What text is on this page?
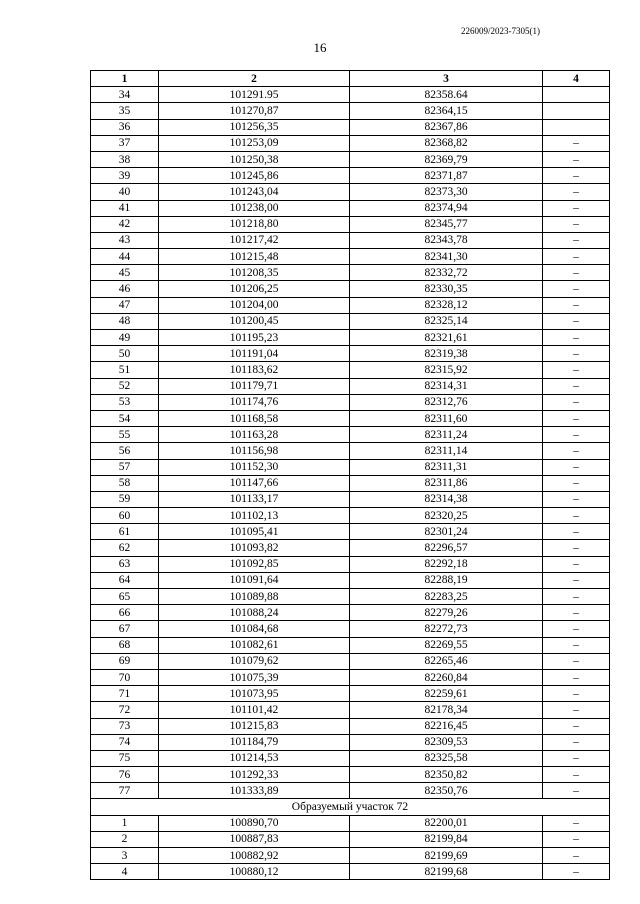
226009/2023-7305(1)
16
1	2	3	4
34	101291.95	82358.64	
35	101270,87	82364,15	
36	101256,35	82367,86	
37	101253,09	82368,82	–
38	101250,38	82369,79	–
39	101245,86	82371,87	–
40	101243,04	82373,30	–
41	101238,00	82374,94	–
42	101218,80	82345,77	–
43	101217,42	82343,78	–
44	101215,48	82341,30	–
45	101208,35	82332,72	–
46	101206,25	82330,35	–
47	101204,00	82328,12	–
48	101200,45	82325,14	–
49	101195,23	82321,61	–
50	101191,04	82319,38	–
51	101183,62	82315,92	–
52	101179,71	82314,31	–
53	101174,76	82312,76	–
54	101168,58	82311,60	–
55	101163,28	82311,24	–
56	101156,98	82311,14	–
57	101152,30	82311,31	–
58	101147,66	82311,86	–
59	101133,17	82314,38	–
60	101102,13	82320,25	–
61	101095,41	82301,24	–
62	101093,82	82296,57	–
63	101092,85	82292,18	–
64	101091,64	82288,19	–
65	101089,88	82283,25	–
66	101088,24	82279,26	–
67	101084,68	82272,73	–
68	101082,61	82269,55	–
69	101079,62	82265,46	–
70	101075,39	82260,84	–
71	101073,95	82259,61	–
72	101101,42	82178,34	–
73	101215,83	82216,45	–
74	101184,79	82309,53	–
75	101214,53	82325,58	–
76	101292,33	82350,82	–
77	101333,89	82350,76	–
Образуемый участок 72			
1	100890,70	82200,01	–
2	100887,83	82199,84	–
3	100882,92	82199,69	–
4	100880,12	82199,68	–
